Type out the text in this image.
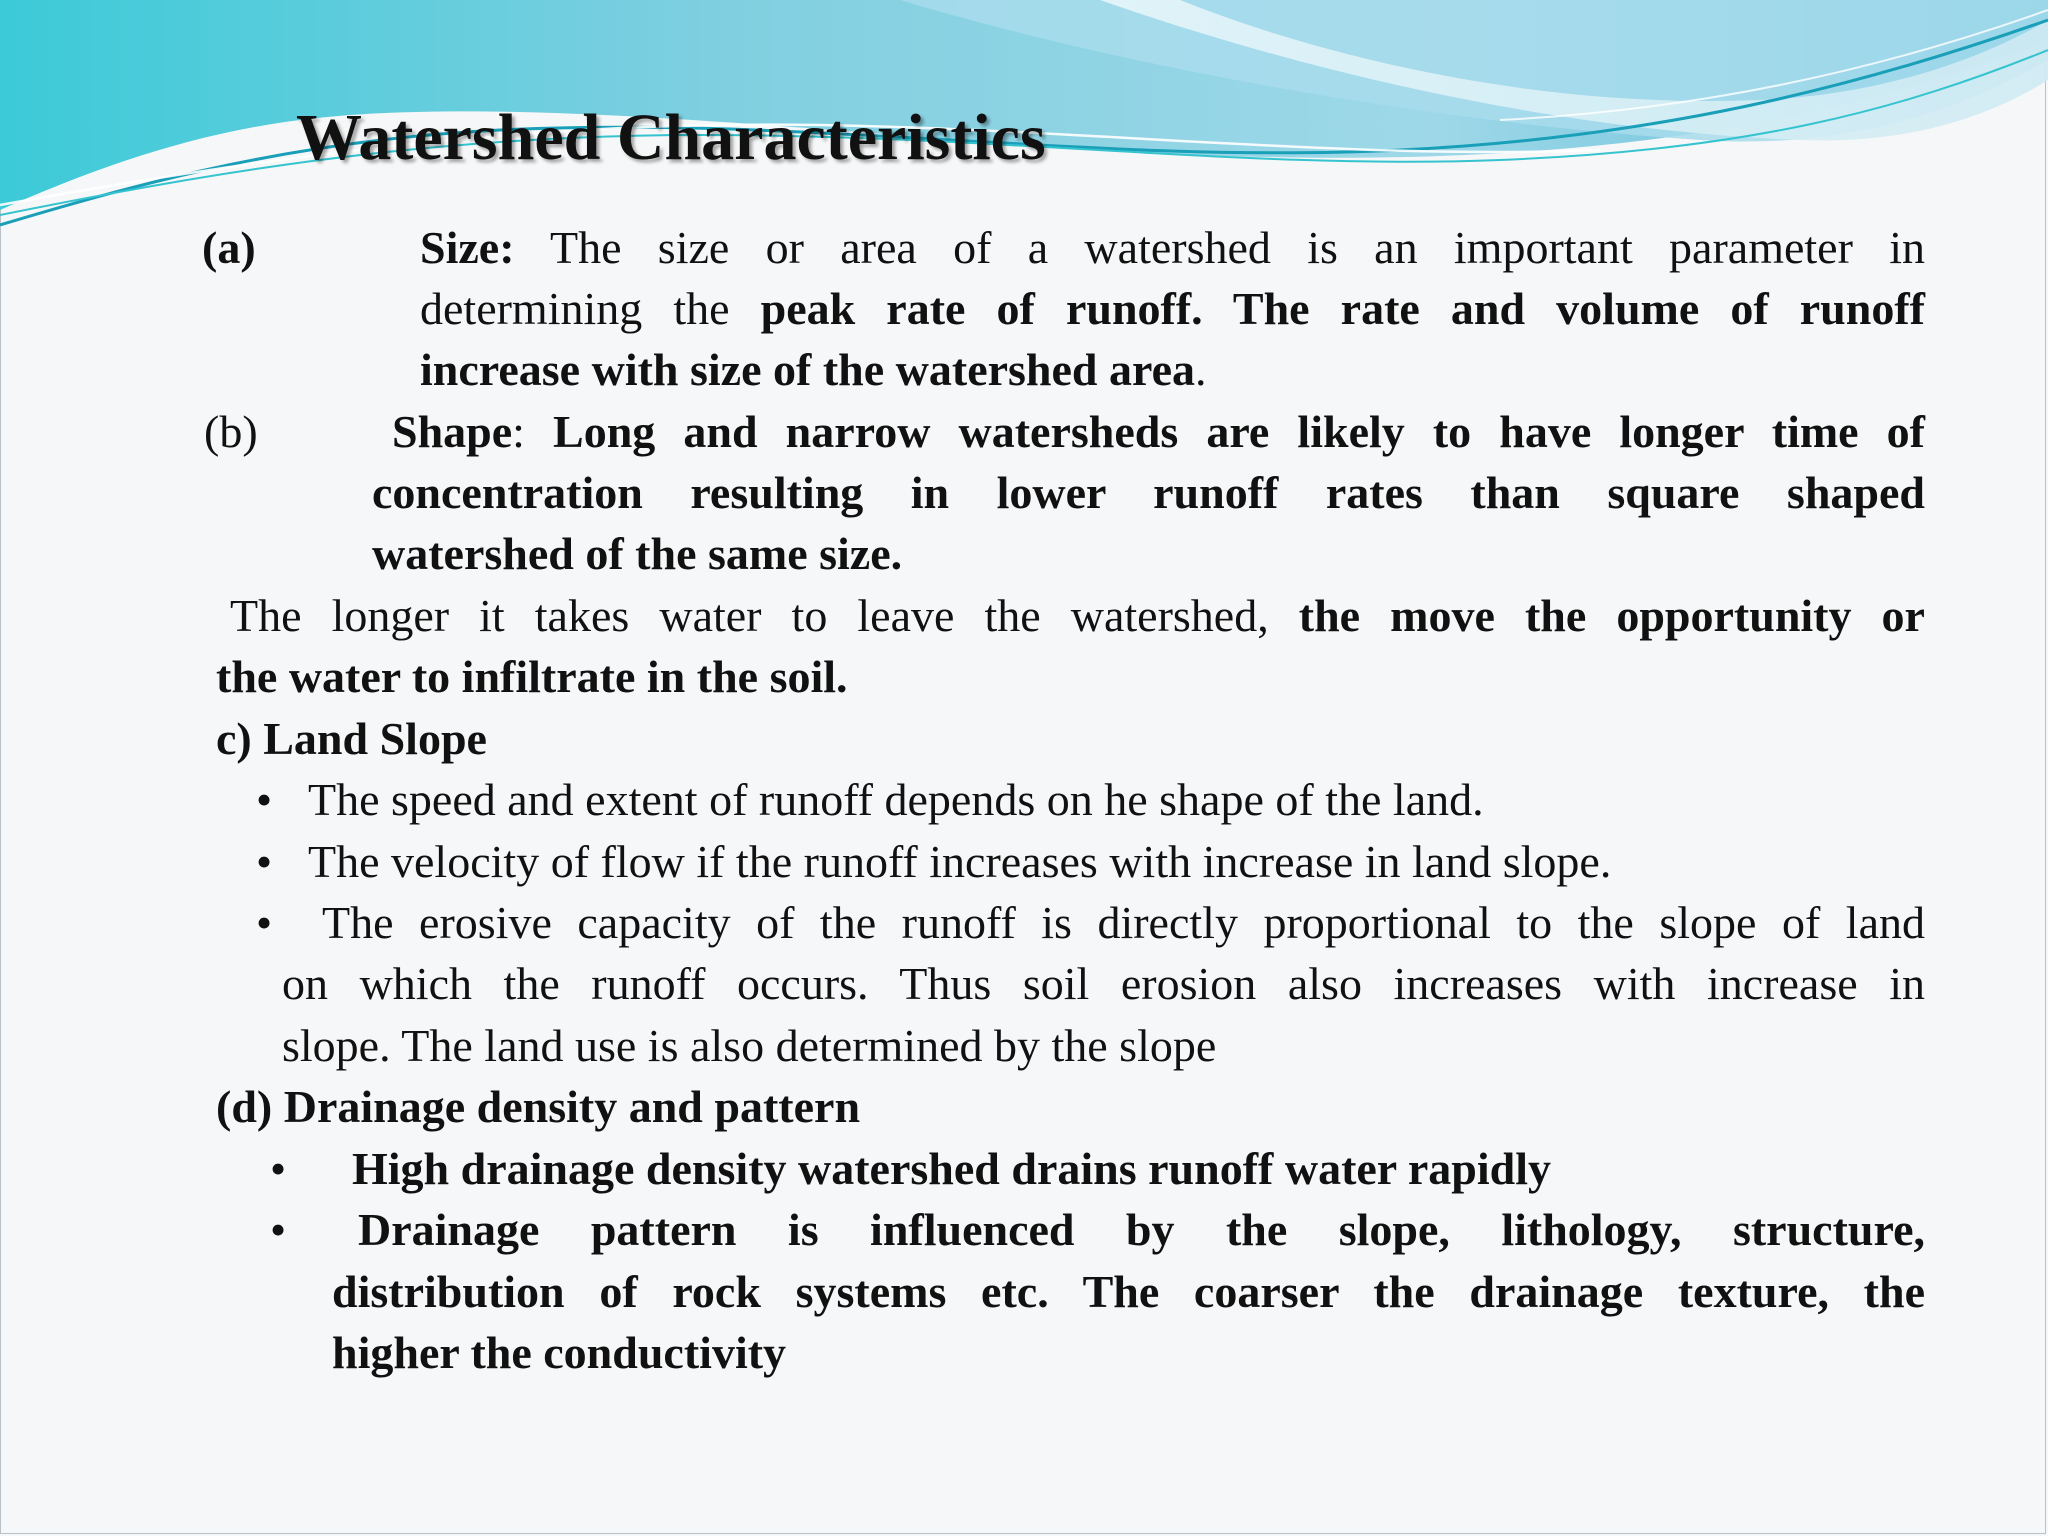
Watershed Characteristics
(a)	Size: The size or area of a watershed is an important parameter in
determining the peak rate of runoff. The rate and volume of runoff
increase with size of the watershed area.
(b)	Shape: Long and narrow watersheds are likely to have longer time of
concentration resulting in lower runoff rates than square shaped
watershed of the same size.
The longer it takes water to leave the watershed, the move the opportunity or
the water to infiltrate in the soil.
c) Land Slope
• The speed and extent of runoff depends on he shape of the land.
• The velocity of flow if the runoff increases with increase in land slope.
• The erosive capacity of the runoff is directly proportional to the slope of land
on which the runoff occurs. Thus soil erosion also increases with increase in
slope. The land use is also determined by the slope
(d) Drainage density and pattern
• High drainage density watershed drains runoff water rapidly
• Drainage pattern is influenced by the slope, lithology, structure,
distribution of rock systems etc. The coarser the drainage texture, the
higher the conductivity
